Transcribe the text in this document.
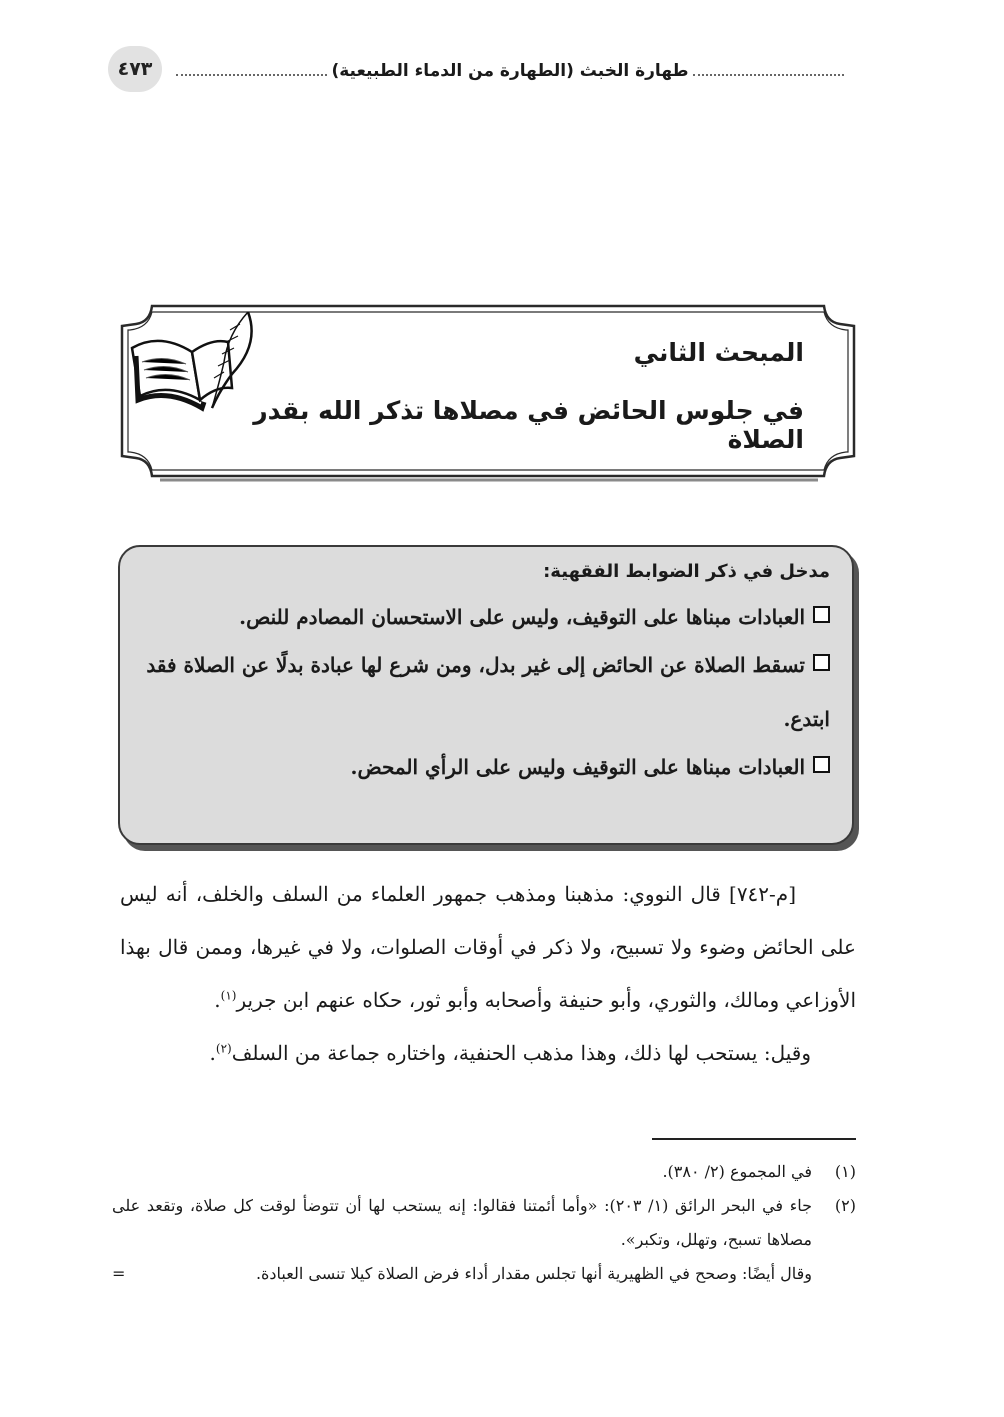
٤٧٣	طهارة الخبث (الطهارة من الدماء الطبيعية)
المبحث الثاني
في جلوس الحائض في مصلاها تذكر الله بقدر الصلاة
مدخل في ذكر الضوابط الفقهية:
العبادات مبناها على التوقيف، وليس على الاستحسان المصادم للنص.
تسقط الصلاة عن الحائض إلى غير بدل، ومن شرع لها عبادة بدلًا عن الصلاة فقد ابتدع.
العبادات مبناها على التوقيف وليس على الرأي المحض.

[م-٧٤٢] قال النووي: مذهبنا ومذهب جمهور العلماء من السلف والخلف، أنه ليس على الحائض وضوء ولا تسبيح، ولا ذكر في أوقات الصلوات، ولا في غيرها، وممن قال بهذا الأوزاعي ومالك، والثوري، وأبو حنيفة وأصحابه وأبو ثور، حكاه عنهم ابن جرير$^{(١)}$.

وقيل: يستحب لها ذلك، وهذا مذهب الحنفية، واختاره جماعة من السلف$^{(٢)}$.

(١)
في المجموع (٢/ ٣٨٠).
(٢)
جاء في البحر الرائق (١/ ٢٠٣): «وأما أئمتنا فقالوا: إنه يستحب لها أن تتوضأ لوقت كل صلاة، وتقعد على مصلاها تسبح، وتهلل، وتكبر».
وقال أيضًا: وصحح في الظهيرية أنها تجلس مقدار أداء فرض الصلاة كيلا تنسى العبادة.
=
